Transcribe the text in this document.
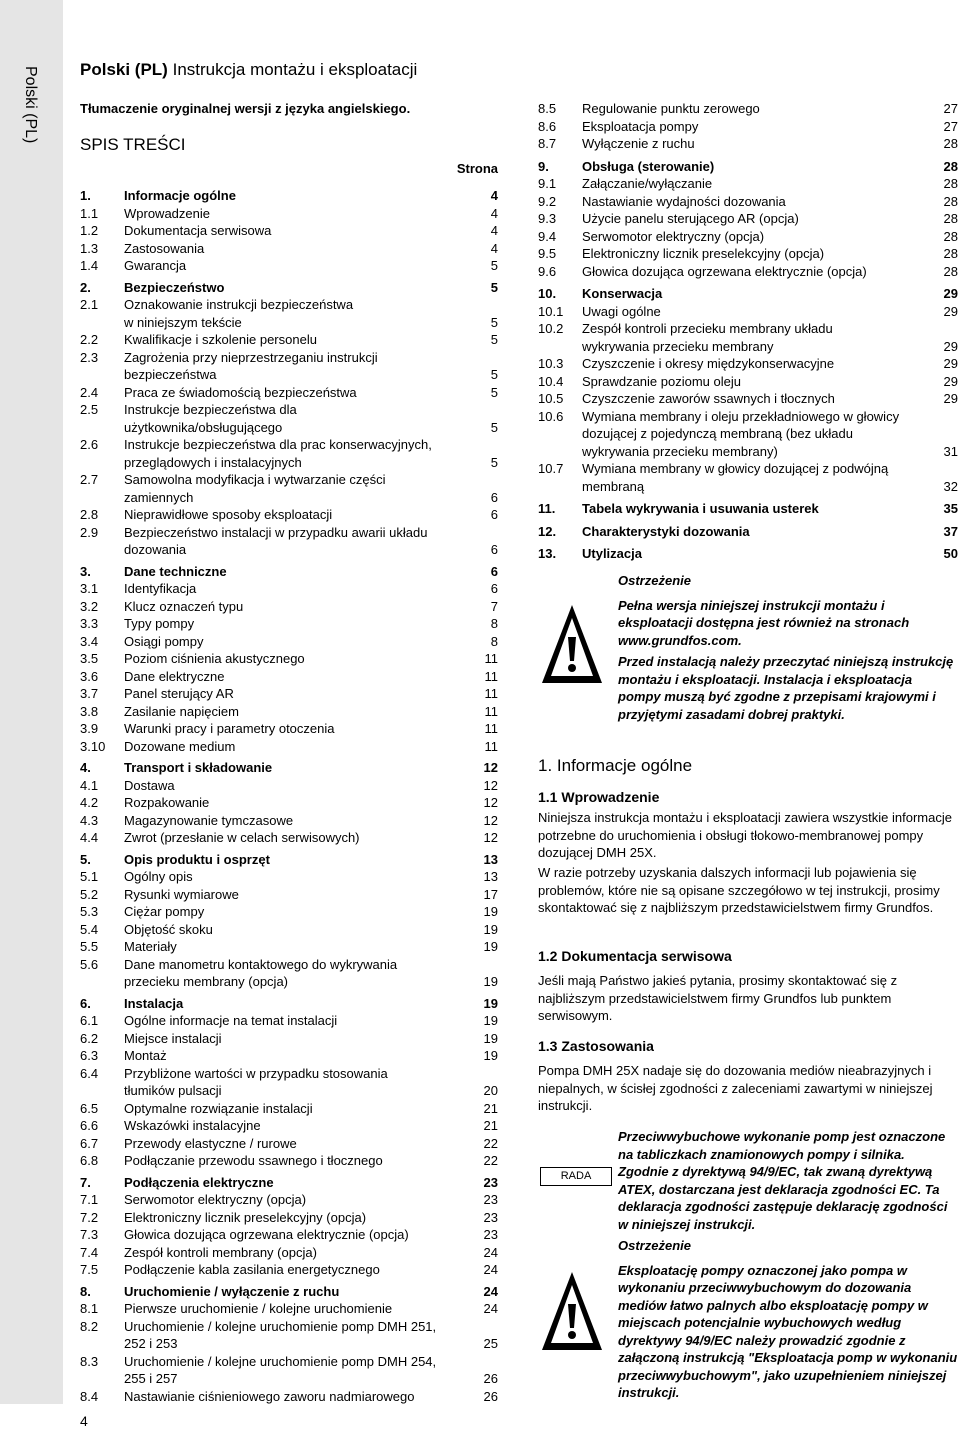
Polski (PL)	Polski (PL) Instrukcja montażu i eksploatacji
Tłumaczenie oryginalnej wersji z języka angielskiego.
SPIS TREŚCI
Strona
1.	Informacje ogólne	4
1.1	Wprowadzenie	4
1.2	Dokumentacja serwisowa	4
1.3	Zastosowania	4
1.4	Gwarancja	5
2.	Bezpieczeństwo	5
2.1	Oznakowanie instrukcji bezpieczeństwa
w niniejszym tekście	5
2.2	Kwalifikacje i szkolenie personelu	5
2.3	Zagrożenia przy nieprzestrzeganiu instrukcji
bezpieczeństwa	5
2.4	Praca ze świadomością bezpieczeństwa	5
2.5	Instrukcje bezpieczeństwa dla
użytkownika/obsługującego	5
2.6	Instrukcje bezpieczeństwa dla prac konserwacyjnych,
przeglądowych i instalacyjnych	5
2.7	Samowolna modyfikacja i wytwarzanie części
zamiennych	6
2.8	Nieprawidłowe sposoby eksploatacji	6
2.9	Bezpieczeństwo instalacji w przypadku awarii układu
dozowania	6
3.	Dane techniczne	6
3.1	Identyfikacja	6
3.2	Klucz oznaczeń typu	7
3.3	Typy pompy	8
3.4	Osiągi pompy	8
3.5	Poziom ciśnienia akustycznego	11
3.6	Dane elektryczne	11
3.7	Panel sterujący AR	11
3.8	Zasilanie napięciem	11
3.9	Warunki pracy i parametry otoczenia	11
3.10	Dozowane medium	11
4.	Transport i składowanie	12
4.1	Dostawa	12
4.2	Rozpakowanie	12
4.3	Magazynowanie tymczasowe	12
4.4	Zwrot (przesłanie w celach serwisowych)	12
5.	Opis produktu i osprzęt	13
5.1	Ogólny opis	13
5.2	Rysunki wymiarowe	17
5.3	Ciężar pompy	19
5.4	Objętość skoku	19
5.5	Materiały	19
5.6	Dane manometru kontaktowego do wykrywania
przecieku membrany (opcja)	19
6.	Instalacja	19
6.1	Ogólne informacje na temat instalacji	19
6.2	Miejsce instalacji	19
6.3	Montaż	19
6.4	Przybliżone wartości w przypadku stosowania
tłumików pulsacji	20
6.5	Optymalne rozwiązanie instalacji	21
6.6	Wskazówki instalacyjne	21
6.7	Przewody elastyczne / rurowe	22
6.8	Podłączanie przewodu ssawnego i tłocznego	22
7.	Podłączenia elektryczne	23
7.1	Serwomotor elektryczny (opcja)	23
7.2	Elektroniczny licznik preselekcyjny (opcja)	23
7.3	Głowica dozująca ogrzewana elektrycznie (opcja)	23
7.4	Zespół kontroli membrany (opcja)	24
7.5	Podłączenie kabla zasilania energetycznego	24
8.	Uruchomienie / wyłączenie z ruchu	24
8.1	Pierwsze uruchomienie / kolejne uruchomienie	24
8.2	Uruchomienie / kolejne uruchomienie pomp DMH 251,
252 i 253	25
8.3	Uruchomienie / kolejne uruchomienie pomp DMH 254,
255 i 257	26
8.4	Nastawianie ciśnieniowego zaworu nadmiarowego	26
8.5	Regulowanie punktu zerowego	27
8.6	Eksploatacja pompy	27
8.7	Wyłączenie z ruchu	28
9.	Obsługa (sterowanie)	28
9.1	Załączanie/wyłączanie	28
9.2	Nastawianie wydajności dozowania	28
9.3	Użycie panelu sterującego AR (opcja)	28
9.4	Serwomotor elektryczny (opcja)	28
9.5	Elektroniczny licznik preselekcyjny (opcja)	28
9.6	Głowica dozująca ogrzewana elektrycznie (opcja)	28
10.	Konserwacja	29
10.1	Uwagi ogólne	29
10.2	Zespół kontroli przecieku membrany układu
wykrywania przecieku membrany	29
10.3	Czyszczenie i okresy międzykonserwacyjne	29
10.4	Sprawdzanie poziomu oleju	29
10.5	Czyszczenie zaworów ssawnych i tłocznych	29
10.6	Wymiana membrany i oleju przekładniowego w głowicy
dozującej z pojedynczą membraną (bez układu
wykrywania przecieku membrany)	31
10.7	Wymiana membrany w głowicy dozującej z podwójną
membraną	32
11.	Tabela wykrywania i usuwania usterek	35
12.	Charakterystyki dozowania	37
13.	Utylizacja	50
Ostrzeżenie
Pełna wersja niniejszej instrukcji montażu i eksploatacji dostępna jest również na stronach www.grundfos.com.
Przed instalacją należy przeczytać niniejszą instrukcję montażu i eksploatacji. Instalacja i eksploatacja pompy muszą być zgodne z przepisami krajowymi i przyjętymi zasadami dobrej praktyki.
1. Informacje ogólne
1.1 Wprowadzenie
Niniejsza instrukcja montażu i eksploatacji zawiera wszystkie informacje potrzebne do uruchomienia i obsługi tłokowo-membranowej pompy dozującej DMH 25X.
W razie potrzeby uzyskania dalszych informacji lub pojawienia się problemów, które nie są opisane szczegółowo w tej instrukcji, prosimy skontaktować się z najbliższym przedstawicielstwem firmy Grundfos.
1.2 Dokumentacja serwisowa
Jeśli mają Państwo jakieś pytania, prosimy skontaktować się z najbliższym przedstawicielstwem firmy Grundfos lub punktem serwisowym.
1.3 Zastosowania
Pompa DMH 25X nadaje się do dozowania mediów nieabrazyjnych i niepalnych, w ścisłej zgodności z zaleceniami zawartymi w niniejszej instrukcji.
RADA
Przeciwwybuchowe wykonanie pomp jest oznaczone na tabliczkach znamionowych pompy i silnika. Zgodnie z dyrektywą 94/9/EC, tak zwaną dyrektywą ATEX, dostarczana jest deklaracja zgodności EC. Ta deklaracja zgodności zastępuje deklarację zgodności w niniejszej instrukcji.
Ostrzeżenie
Eksploatację pompy oznaczonej jako pompa w wykonaniu przeciwwybuchowym do dozowania mediów łatwo palnych albo eksploatację pompy w miejscach potencjalnie wybuchowych według dyrektywy 94/9/EC należy prowadzić zgodnie z załączoną instrukcją "Eksploatacja pomp w wykonaniu przeciwwybuchowym", jako uzupełnieniem niniejszej instrukcji.
4
